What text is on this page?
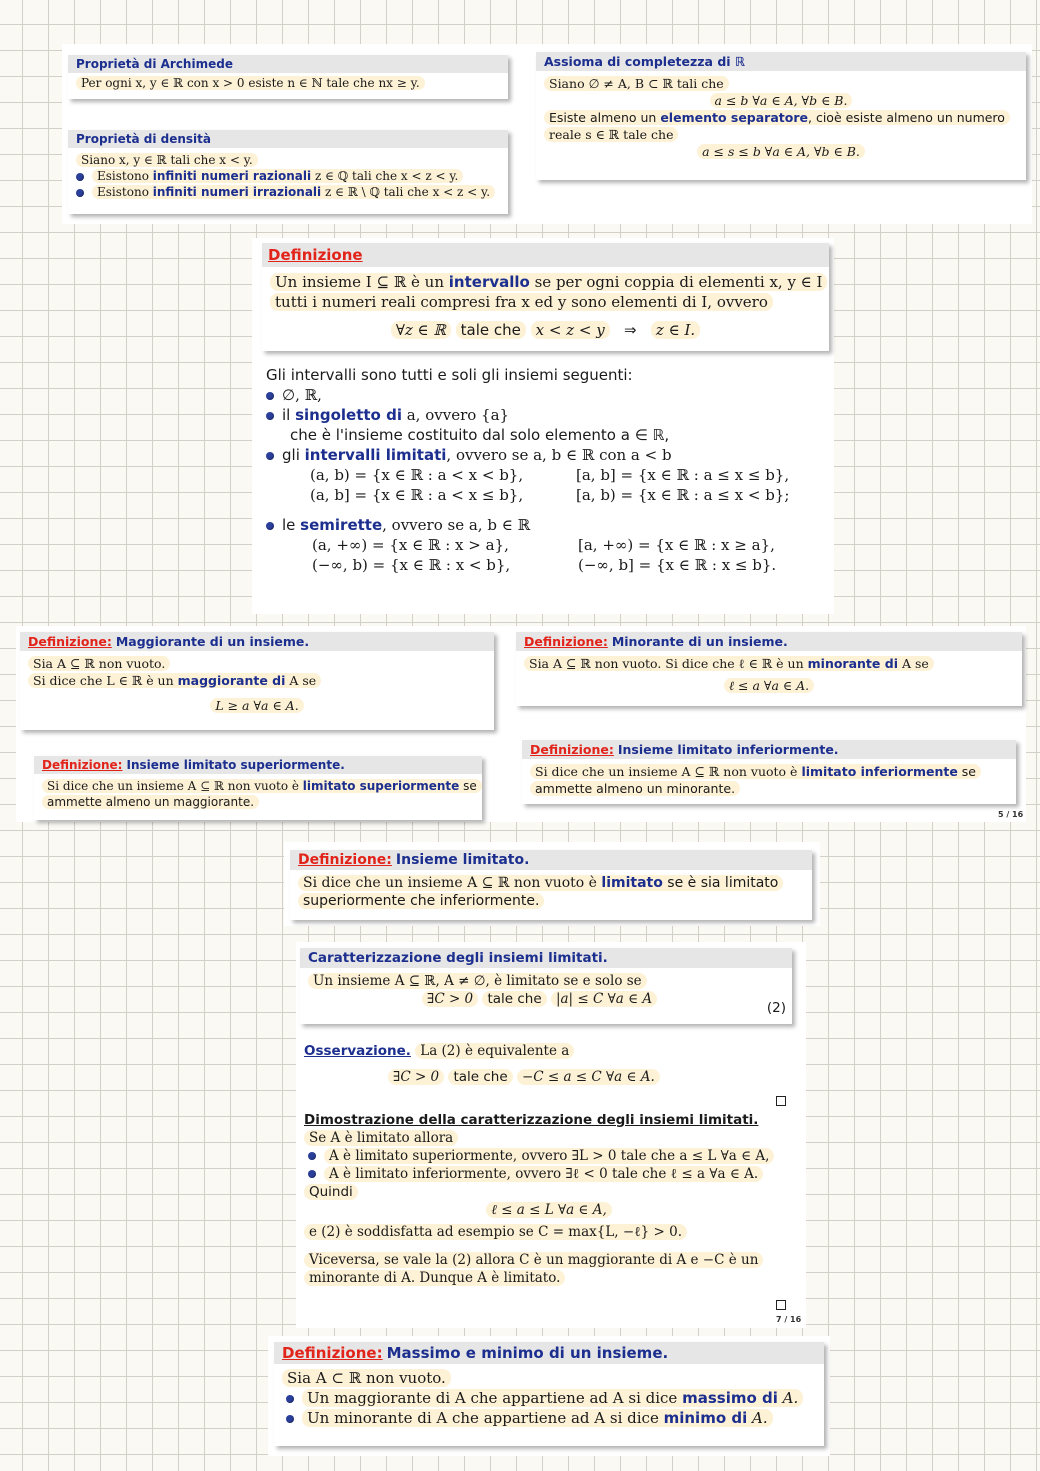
Proprietà di Archimede
Per ogni x, y ∈ ℝ con x > 0 esiste n ∈ ℕ tale che nx ≥ y.
Proprietà di densità
Siano x, y ∈ ℝ tali che x < y.
Esistono infiniti numeri razionali z ∈ ℚ tali che x < z < y.
Esistono infiniti numeri irrazionali z ∈ ℝ \ ℚ tali che x < z < y.
Assioma di completezza di ℝ
Siano ∅ ≠ A, B ⊂ ℝ tali che
a ≤ b ∀a ∈ A, ∀b ∈ B.
Esiste almeno un elemento separatore, cioè esiste almeno un numero
reale s ∈ ℝ tale che
a ≤ s ≤ b ∀a ∈ A, ∀b ∈ B.
Definizione
Un insieme I ⊆ ℝ è un intervallo se per ogni coppia di elementi x, y ∈ I
tutti i numeri reali compresi fra x ed y sono elementi di I, ovvero
∀z ∈ ℝ tale che x < z < y ⇒ z ∈ I.
Gli intervalli sono tutti e soli gli insiemi seguenti:
∅, ℝ,
il singoletto di a, ovvero {a}
che è l'insieme costituito dal solo elemento a ∈ ℝ,
gli intervalli limitati, ovvero se a, b ∈ ℝ con a < b
(a, b) = {x ∈ ℝ : a < x < b},	[a, b] = {x ∈ ℝ : a ≤ x ≤ b},
(a, b] = {x ∈ ℝ : a < x ≤ b},	[a, b) = {x ∈ ℝ : a ≤ x < b};
le semirette, ovvero se a, b ∈ ℝ
(a, +∞) = {x ∈ ℝ : x > a},	[a, +∞) = {x ∈ ℝ : x ≥ a},
(−∞, b) = {x ∈ ℝ : x < b},	(−∞, b] = {x ∈ ℝ : x ≤ b}.
Definizione: Maggiorante di un insieme.
Sia A ⊆ ℝ non vuoto.
Si dice che L ∈ ℝ è un maggiorante di A se
L ≥ a ∀a ∈ A.
Definizione: Minorante di un insieme.
Sia A ⊆ ℝ non vuoto. Si dice che ℓ ∈ ℝ è un minorante di A se
ℓ ≤ a ∀a ∈ A.
Definizione: Insieme limitato superiormente.
Si dice che un insieme A ⊆ ℝ non vuoto è limitato superiormente se
ammette almeno un maggiorante.
Definizione: Insieme limitato inferiormente.
Si dice che un insieme A ⊆ ℝ non vuoto è limitato inferiormente se
ammette almeno un minorante.
5 / 16
Definizione: Insieme limitato.
Si dice che un insieme A ⊆ ℝ non vuoto è limitato se è sia limitato
superiormente che inferiormente.
Caratterizzazione degli insiemi limitati.
Un insieme A ⊆ ℝ, A ≠ ∅, è limitato se e solo se
∃C > 0 tale che |a| ≤ C ∀a ∈ A
(2)
Osservazione. La (2) è equivalente a
∃C > 0 tale che −C ≤ a ≤ C ∀a ∈ A.
Dimostrazione della caratterizzazione degli insiemi limitati.
Se A è limitato allora
A è limitato superiormente, ovvero ∃L > 0 tale che a ≤ L ∀a ∈ A,
A è limitato inferiormente, ovvero ∃ℓ < 0 tale che ℓ ≤ a ∀a ∈ A.
Quindi
ℓ ≤ a ≤ L ∀a ∈ A,
e (2) è soddisfatta ad esempio se C = max{L, −ℓ} > 0.
Viceversa, se vale la (2) allora C è un maggiorante di A e −C è un
minorante di A. Dunque A è limitato.
7 / 16
Definizione: Massimo e minimo di un insieme.
Sia A ⊂ ℝ non vuoto.
Un maggiorante di A che appartiene ad A si dice massimo di A.
Un minorante di A che appartiene ad A si dice minimo di A.
